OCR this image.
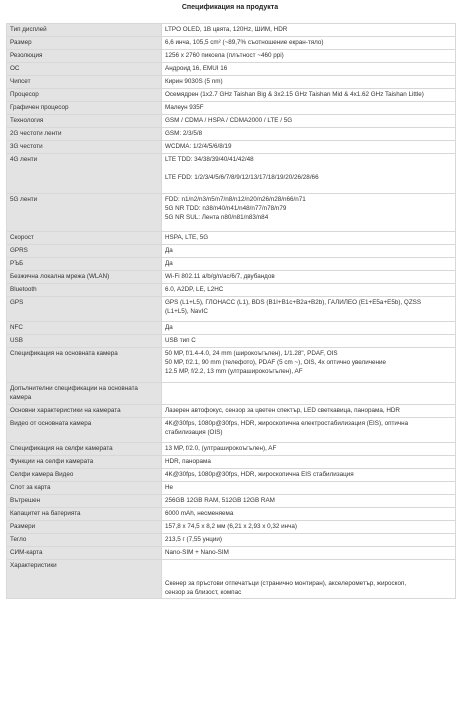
Спецификация на продукта
Тип дисплей	LTPO OLED, 1B цвята, 120Hz, ШИМ, HDR

Размер	6,6 инча, 105,5 cm² (~89,7% съотношение екран-тяло)

Резолюция	1256 x 2760 пиксела (плътност ~460 ppi)

ОС	Андроид 16, EMUI 16

Чипсет	Кирин 9030S (5 nm)

Процесор	Осемядрен (1x2.7 GHz Taishan Big & 3x2.15 GHz Taishan Mid & 4x1.62 GHz Taishan Little)

Графичен процесор	Малеун 935F

Технология	GSM / CDMA / HSPA / CDMA2000 / LTE / 5G

2G честоти ленти	GSM: 2/3/5/8

3G честоти	WCDMA: 1/2/4/5/6/8/19

4G ленти	LTE TDD: 34/38/39/40/41/42/48
LTE FDD: 1/2/3/4/5/6/7/8/9/12/13/17/18/19/20/26/28/66

5G ленти	FDD: n1/n2/n3/n5/n7/n8/n12/n20/n26/n28/n66/n71
5G NR TDD: n38/n40/n41/n48/n77/n78/n79
5G NR SUL: Лента n80/n81/n83/n84

Скорост	HSPA, LTE, 5G

GPRS	Да

РЪБ	Да

Безжична локална мрежа (WLAN)	Wi-Fi 802.11 a/b/g/n/ac/6/7, двубандов

Bluetooth	6.0, A2DP, LE, L2HC

GPS	GPS (L1+L5), ГЛОНАСС (L1), BDS (B1I+B1c+B2a+B2b), ГАЛИЛЕО (E1+E5a+E5b), QZSS
(L1+L5), NavIC

NFC	Да

USB	USB тип C

Спецификация на основната камера	50 MP, f/1.4-4.0, 24 mm (широкоъгълен), 1/1.28", PDAF, OIS
50 MP, f/2.1, 90 mm (телефото), PDAF (5 cm ~), OIS, 4x оптично увеличение
12.5 MP, f/2.2, 13 mm (ултраширокоъгълен), AF

Допълнителни спецификации на основната камера	

Основни характеристики на камерата	Лазерен автофокус, сензор за цветен спектър, LED светкавица, панорама, HDR

Видео от основната камера	4K@30fps, 1080p@30fps, HDR, жироскопична електростабилизация (EIS), оптична
стабилизация (OIS)

Спецификация на селфи камерата	13 MP, f/2.0, (ултраширокоъгълен), AF

Функции на селфи камерата	HDR, панорама

Селфи камера Видео	4K@30fps, 1080p@30fps, HDR, жироскопична EIS стабилизация

Слот за карта	Не

Вътрешен	256GB 12GB RAM, 512GB 12GB RAM

Капацитет на батерията	6000 mAh, несменяема

Размери	157,8 x 74,5 x 8,2 мм (6,21 x 2,93 x 0,32 инча)

Тегло	213,5 г (7,55 унции)

СИМ-карта	Nano-SIM + Nano-SIM

Характеристики	Скенер за пръстови отпечатъци (странично монтиран), акселерометър, жироскоп,
сензор за близост, компас
